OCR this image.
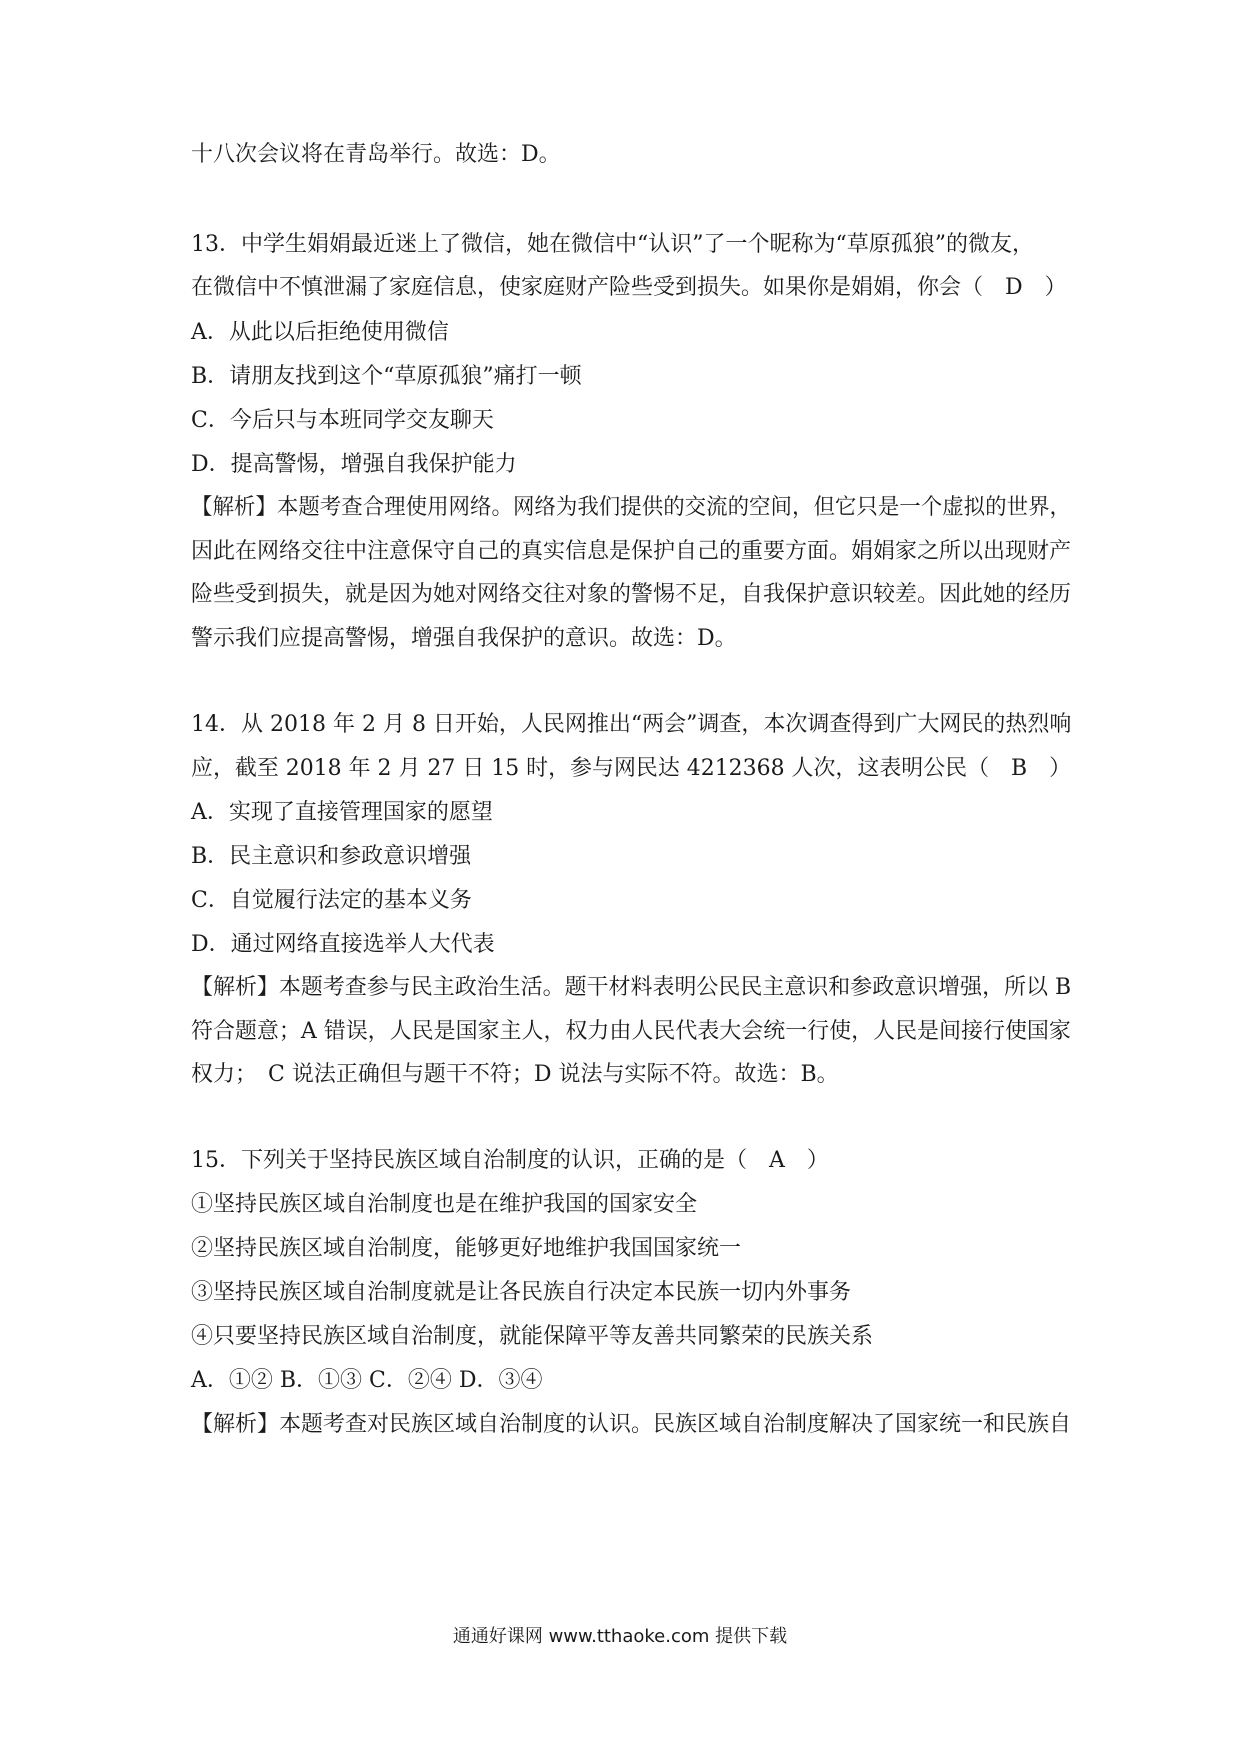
十八次会议将在青岛举行。故选：D。
13．中学生娟娟最近迷上了微信，她在微信中“认识”了一个昵称为“草原孤狼”的微友，
在微信中不慎泄漏了家庭信息，使家庭财产险些受到损失。如果你是娟娟，你会（　D　）
A．从此以后拒绝使用微信
B．请朋友找到这个“草原孤狼”痛打一顿
C．今后只与本班同学交友聊天
D．提高警惕，增强自我保护能力
【解析】本题考查合理使用网络。网络为我们提供的交流的空间，但它只是一个虚拟的世界，
因此在网络交往中注意保守自己的真实信息是保护自己的重要方面。娟娟家之所以出现财产
险些受到损失，就是因为她对网络交往对象的警惕不足，自我保护意识较差。因此她的经历
警示我们应提高警惕，增强自我保护的意识。故选：D。
14．从 2018 年 2 月 8 日开始，人民网推出“两会”调查，本次调查得到广大网民的热烈响
应，截至 2018 年 2 月 27 日 15 时，参与网民达 4212368 人次，这表明公民（　B　）
A．实现了直接管理国家的愿望
B．民主意识和参政意识增强
C．自觉履行法定的基本义务
D．通过网络直接选举人大代表
【解析】本题考查参与民主政治生活。题干材料表明公民民主意识和参政意识增强，所以 B
符合题意；A 错误，人民是国家主人，权力由人民代表大会统一行使，人民是间接行使国家
权力；　C 说法正确但与题干不符；D 说法与实际不符。故选：B。
15．下列关于坚持民族区域自治制度的认识，正确的是（　A　）
①坚持民族区域自治制度也是在维护我国的国家安全
②坚持民族区域自治制度，能够更好地维护我国国家统一
③坚持民族区域自治制度就是让各民族自行决定本民族一切内外事务
④只要坚持民族区域自治制度，就能保障平等友善共同繁荣的民族关系
A．①② B．①③ C．②④ D．③④
【解析】本题考查对民族区域自治制度的认识。民族区域自治制度解决了国家统一和民族自
通通好课网 www.tthaoke.com 提供下载
